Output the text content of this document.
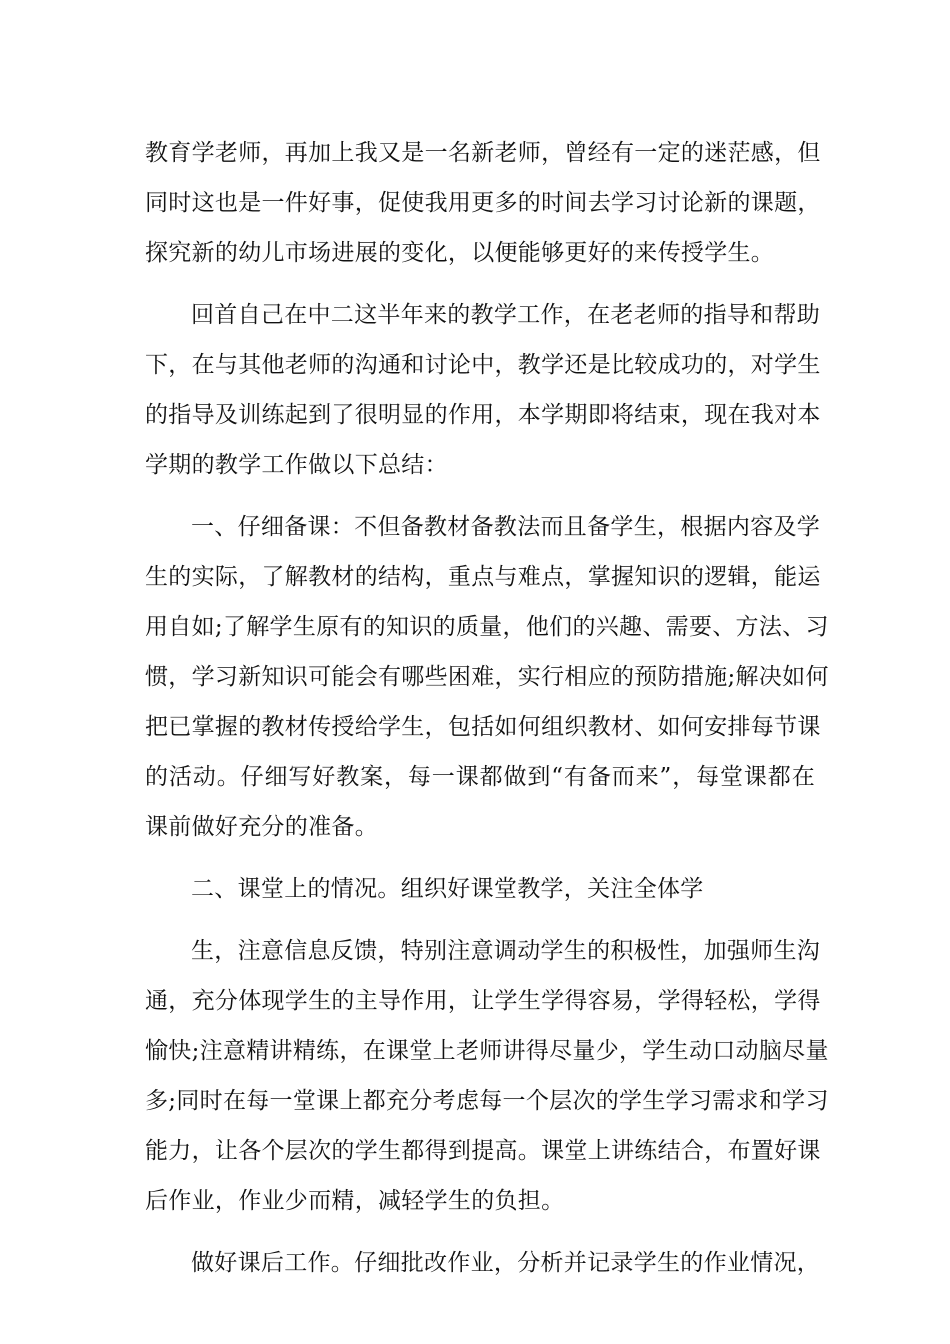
教育学老师，再加上我又是一名新老师，曾经有一定的迷茫感，但
同时这也是一件好事，促使我用更多的时间去学习讨论新的课题，
探究新的幼儿市场进展的变化，以便能够更好的来传授学生。
回首自己在中二这半年来的教学工作，在老老师的指导和帮助
下，在与其他老师的沟通和讨论中，教学还是比较成功的，对学生
的指导及训练起到了很明显的作用，本学期即将结束，现在我对本
学期的教学工作做以下总结：
一、仔细备课：不但备教材备教法而且备学生，根据内容及学
生的实际，了解教材的结构，重点与难点，掌握知识的逻辑，能运
用自如;了解学生原有的知识的质量，他们的兴趣、需要、方法、习
惯，学习新知识可能会有哪些困难，实行相应的预防措施;解决如何
把已掌握的教材传授给学生，包括如何组织教材、如何安排每节课
的活动。仔细写好教案，每一课都做到“有备而来”，每堂课都在
课前做好充分的准备。
二、课堂上的情况。组织好课堂教学，关注全体学
生，注意信息反馈，特别注意调动学生的积极性，加强师生沟
通，充分体现学生的主导作用，让学生学得容易，学得轻松，学得
愉快;注意精讲精练，在课堂上老师讲得尽量少，学生动口动脑尽量
多;同时在每一堂课上都充分考虑每一个层次的学生学习需求和学习
能力，让各个层次的学生都得到提高。课堂上讲练结合，布置好课
后作业，作业少而精，减轻学生的负担。
做好课后工作。仔细批改作业，分析并记录学生的作业情况，
